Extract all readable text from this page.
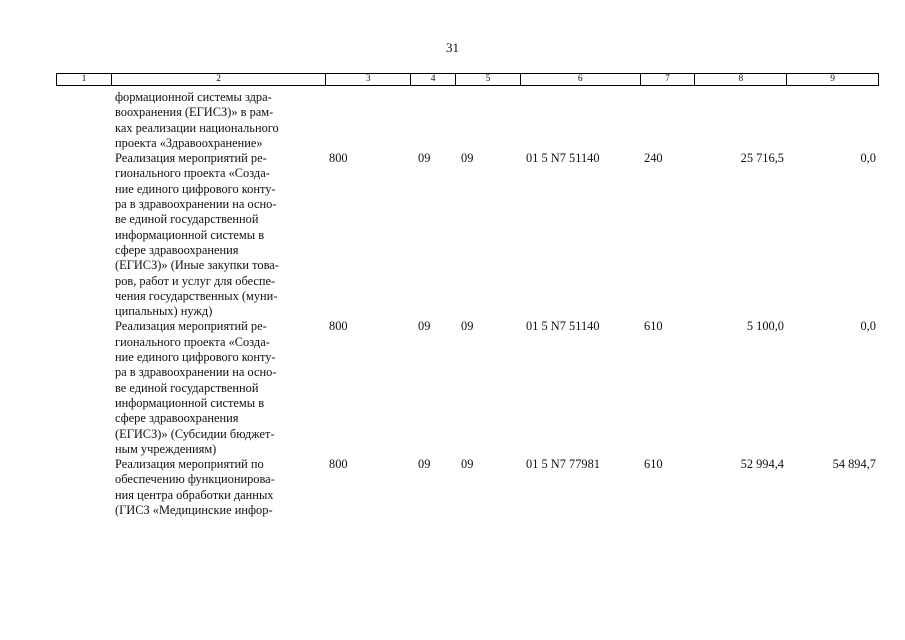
31
1	2	3	4	5	6	7	8	9
формационной системы здра-
воохранения (ЕГИСЗ)» в рам-
ках реализации национального
проекта «Здравоохранение»
Реализация мероприятий ре-
гионального проекта «Созда-
ние единого цифрового конту-
ра в здравоохранении на осно-
ве единой государственной
информационной системы в
сфере здравоохранения
(ЕГИСЗ)» (Иные закупки това-
ров, работ и услуг для обеспе-
чения государственных (муни-
ципальных) нужд)
800	09	09	01 5 N7 51140	240	25 716,5	0,0
Реализация мероприятий ре-
гионального проекта «Созда-
ние единого цифрового конту-
ра в здравоохранении на осно-
ве единой государственной
информационной системы в
сфере здравоохранения
(ЕГИСЗ)» (Субсидии бюджет-
ным учреждениям)
800	09	09	01 5 N7 51140	610	5 100,0	0,0
Реализация мероприятий по
обеспечению функционирова-
ния центра обработки данных
(ГИСЗ «Медицинские инфор-
800	09	09	01 5 N7 77981	610	52 994,4	54 894,7
